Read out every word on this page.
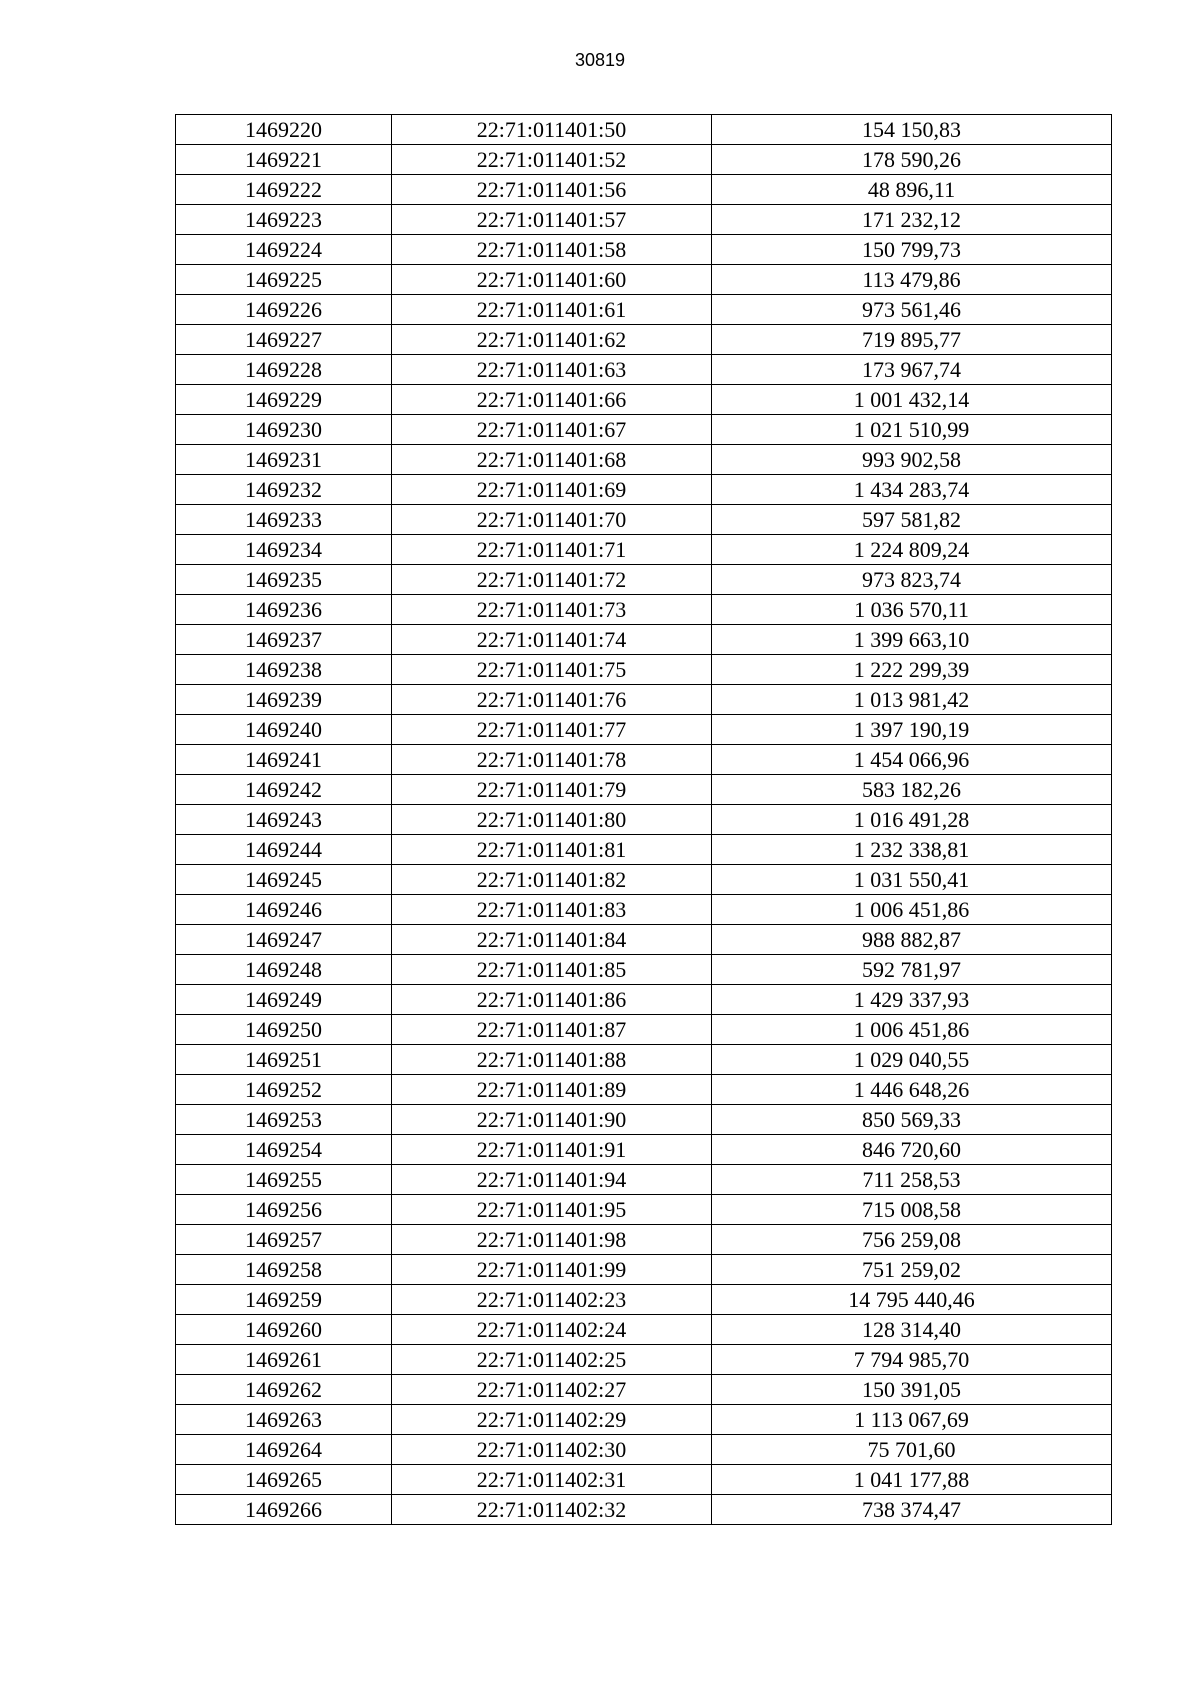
30819
1469220	22:71:011401:50	154 150,83
1469221	22:71:011401:52	178 590,26
1469222	22:71:011401:56	48 896,11
1469223	22:71:011401:57	171 232,12
1469224	22:71:011401:58	150 799,73
1469225	22:71:011401:60	113 479,86
1469226	22:71:011401:61	973 561,46
1469227	22:71:011401:62	719 895,77
1469228	22:71:011401:63	173 967,74
1469229	22:71:011401:66	1 001 432,14
1469230	22:71:011401:67	1 021 510,99
1469231	22:71:011401:68	993 902,58
1469232	22:71:011401:69	1 434 283,74
1469233	22:71:011401:70	597 581,82
1469234	22:71:011401:71	1 224 809,24
1469235	22:71:011401:72	973 823,74
1469236	22:71:011401:73	1 036 570,11
1469237	22:71:011401:74	1 399 663,10
1469238	22:71:011401:75	1 222 299,39
1469239	22:71:011401:76	1 013 981,42
1469240	22:71:011401:77	1 397 190,19
1469241	22:71:011401:78	1 454 066,96
1469242	22:71:011401:79	583 182,26
1469243	22:71:011401:80	1 016 491,28
1469244	22:71:011401:81	1 232 338,81
1469245	22:71:011401:82	1 031 550,41
1469246	22:71:011401:83	1 006 451,86
1469247	22:71:011401:84	988 882,87
1469248	22:71:011401:85	592 781,97
1469249	22:71:011401:86	1 429 337,93
1469250	22:71:011401:87	1 006 451,86
1469251	22:71:011401:88	1 029 040,55
1469252	22:71:011401:89	1 446 648,26
1469253	22:71:011401:90	850 569,33
1469254	22:71:011401:91	846 720,60
1469255	22:71:011401:94	711 258,53
1469256	22:71:011401:95	715 008,58
1469257	22:71:011401:98	756 259,08
1469258	22:71:011401:99	751 259,02
1469259	22:71:011402:23	14 795 440,46
1469260	22:71:011402:24	128 314,40
1469261	22:71:011402:25	7 794 985,70
1469262	22:71:011402:27	150 391,05
1469263	22:71:011402:29	1 113 067,69
1469264	22:71:011402:30	75 701,60
1469265	22:71:011402:31	1 041 177,88
1469266	22:71:011402:32	738 374,47
